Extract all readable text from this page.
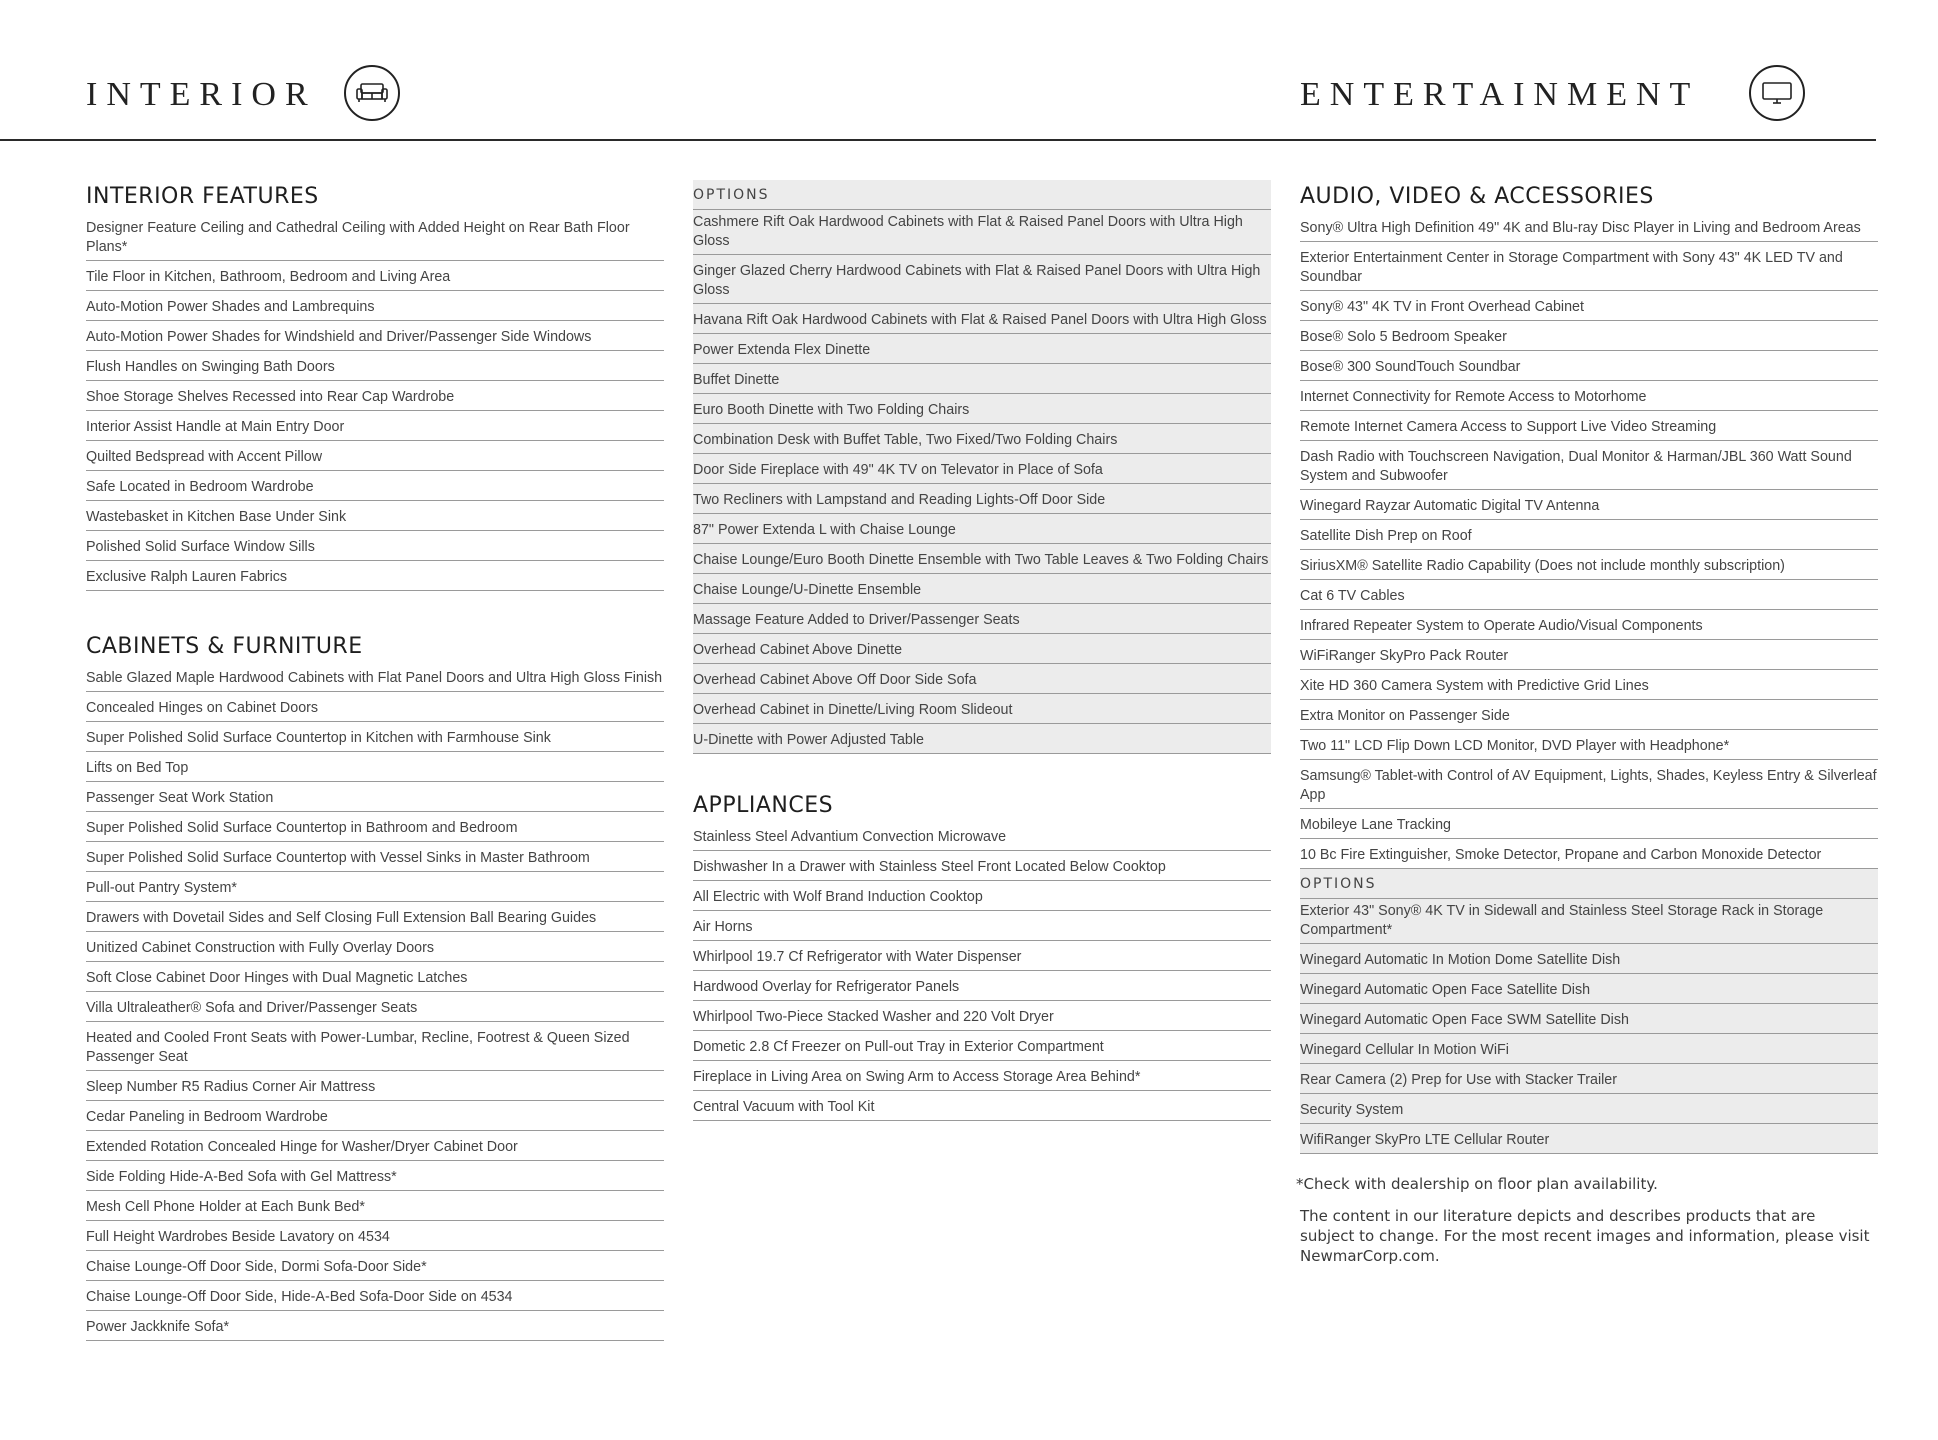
INTERIOR	ENTERTAINMENT
INTERIOR FEATURES
Designer Feature Ceiling and Cathedral Ceiling with Added Height on Rear Bath Floor Plans*
Tile Floor in Kitchen, Bathroom, Bedroom and Living Area
Auto-Motion Power Shades and Lambrequins
Auto-Motion Power Shades for Windshield and Driver/Passenger Side Windows
Flush Handles on Swinging Bath Doors
Shoe Storage Shelves Recessed into Rear Cap Wardrobe
Interior Assist Handle at Main Entry Door
Quilted Bedspread with Accent Pillow
Safe Located in Bedroom Wardrobe
Wastebasket in Kitchen Base Under Sink
Polished Solid Surface Window Sills
Exclusive Ralph Lauren Fabrics
CABINETS & FURNITURE
Sable Glazed Maple Hardwood Cabinets with Flat Panel Doors and Ultra High Gloss Finish
Concealed Hinges on Cabinet Doors
Super Polished Solid Surface Countertop in Kitchen with Farmhouse Sink
Lifts on Bed Top
Passenger Seat Work Station
Super Polished Solid Surface Countertop in Bathroom and Bedroom
Super Polished Solid Surface Countertop with Vessel Sinks in Master Bathroom
Pull-out Pantry System*
Drawers with Dovetail Sides and Self Closing Full Extension Ball Bearing Guides
Unitized Cabinet Construction with Fully Overlay Doors
Soft Close Cabinet Door Hinges with Dual Magnetic Latches
Villa Ultraleather® Sofa and Driver/Passenger Seats
Heated and Cooled Front Seats with Power-Lumbar, Recline, Footrest & Queen Sized Passenger Seat
Sleep Number R5 Radius Corner Air Mattress
Cedar Paneling in Bedroom Wardrobe
Extended Rotation Concealed Hinge for Washer/Dryer Cabinet Door
Side Folding Hide-A-Bed Sofa with Gel Mattress*
Mesh Cell Phone Holder at Each Bunk Bed*
Full Height Wardrobes Beside Lavatory on 4534
Chaise Lounge-Off Door Side, Dormi Sofa-Door Side*
Chaise Lounge-Off Door Side, Hide-A-Bed Sofa-Door Side on 4534
Power Jackknife Sofa*
OPTIONS
Cashmere Rift Oak Hardwood Cabinets with Flat & Raised Panel Doors with Ultra High Gloss
Ginger Glazed Cherry Hardwood Cabinets with Flat & Raised Panel Doors with Ultra High Gloss
Havana Rift Oak Hardwood Cabinets with Flat & Raised Panel Doors with Ultra High Gloss
Power Extenda Flex Dinette
Buffet Dinette
Euro Booth Dinette with Two Folding Chairs
Combination Desk with Buffet Table, Two Fixed/Two Folding Chairs
Door Side Fireplace with 49" 4K TV on Televator in Place of Sofa
Two Recliners with Lampstand and Reading Lights-Off Door Side
87" Power Extenda L with Chaise Lounge
Chaise Lounge/Euro Booth Dinette Ensemble with Two Table Leaves & Two Folding Chairs
Chaise Lounge/U-Dinette Ensemble
Massage Feature Added to Driver/Passenger Seats
Overhead Cabinet Above Dinette
Overhead Cabinet Above Off Door Side Sofa
Overhead Cabinet in Dinette/Living Room Slideout
U-Dinette with Power Adjusted Table
APPLIANCES
Stainless Steel Advantium Convection Microwave
Dishwasher In a Drawer with Stainless Steel Front Located Below Cooktop
All Electric with Wolf Brand Induction Cooktop
Air Horns
Whirlpool 19.7 Cf Refrigerator with Water Dispenser
Hardwood Overlay for Refrigerator Panels
Whirlpool Two-Piece Stacked Washer and 220 Volt Dryer
Dometic 2.8 Cf Freezer on Pull-out Tray in Exterior Compartment
Fireplace in Living Area on Swing Arm to Access Storage Area Behind*
Central Vacuum with Tool Kit
AUDIO, VIDEO & ACCESSORIES
Sony® Ultra High Definition 49" 4K and Blu-ray Disc Player in Living and Bedroom Areas
Exterior Entertainment Center in Storage Compartment with Sony 43" 4K LED TV and Soundbar
Sony® 43" 4K TV in Front Overhead Cabinet
Bose® Solo 5 Bedroom Speaker
Bose® 300 SoundTouch Soundbar
Internet Connectivity for Remote Access to Motorhome
Remote Internet Camera Access to Support Live Video Streaming
Dash Radio with Touchscreen Navigation, Dual Monitor & Harman/JBL 360 Watt Sound System and Subwoofer
Winegard Rayzar Automatic Digital TV Antenna
Satellite Dish Prep on Roof
SiriusXM® Satellite Radio Capability (Does not include monthly subscription)
Cat 6 TV Cables
Infrared Repeater System to Operate Audio/Visual Components
WiFiRanger SkyPro Pack Router
Xite HD 360 Camera System with Predictive Grid Lines
Extra Monitor on Passenger Side
Two 11" LCD Flip Down LCD Monitor, DVD Player with Headphone*
Samsung® Tablet-with Control of AV Equipment, Lights, Shades, Keyless Entry & Silverleaf App
Mobileye Lane Tracking
10 Bc Fire Extinguisher, Smoke Detector, Propane and Carbon Monoxide Detector
OPTIONS
Exterior 43" Sony® 4K TV in Sidewall and Stainless Steel Storage Rack in Storage Compartment*
Winegard Automatic In Motion Dome Satellite Dish
Winegard Automatic Open Face Satellite Dish
Winegard Automatic Open Face SWM Satellite Dish
Winegard Cellular In Motion WiFi
Rear Camera (2) Prep for Use with Stacker Trailer
Security System
WifiRanger SkyPro LTE Cellular Router

*Check with dealership on floor plan availability.

The content in our literature depicts and describes products that are subject to change. For the most recent images and information, please visit NewmarCorp.com.
